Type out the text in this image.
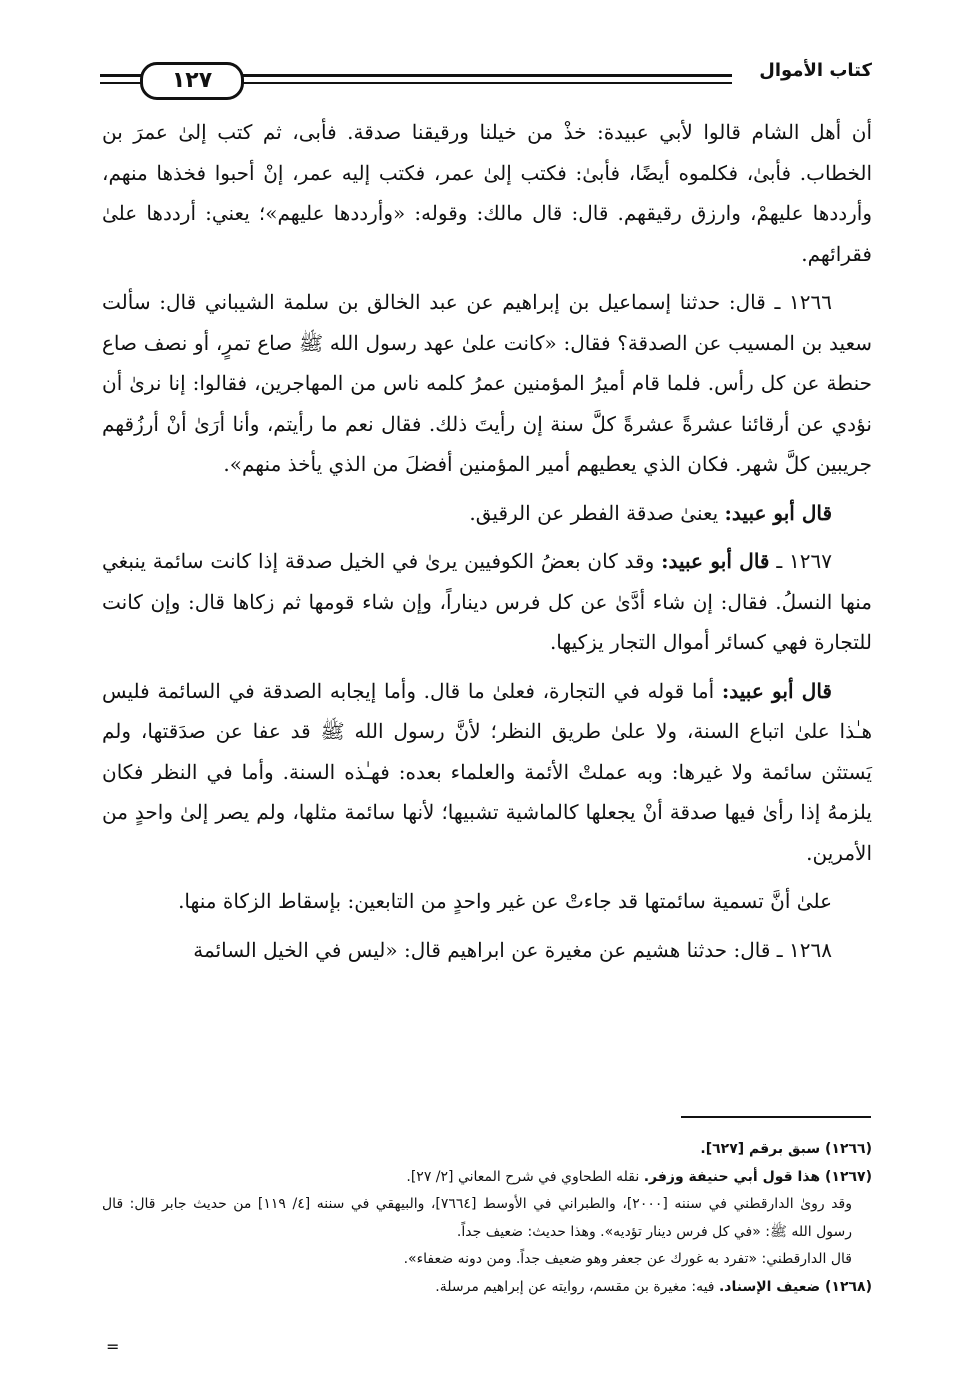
١٢٧	كتاب الأموال

أن أهل الشام قالوا لأبي عبيدة: خذْ من خيلنا ورقيقنا صدقة. فأبى، ثم كتب إلىٰ عمرَ بن الخطاب. فأبىٰ، فكلموه أيضًا، فأبىٰ: فكتب إلىٰ عمر، فكتب إليه عمر، إنْ أحبوا فخذها منهم، وأرددها عليهمْ، وارزق رقيقهم. قال: قال مالك: وقوله: «وأرددها عليهم»؛ يعني: أرددها علىٰ فقرائهم.

١٢٦٦ ـ قال: حدثنا إسماعيل بن إبراهيم عن عبد الخالق بن سلمة الشيباني قال: سألت سعيد بن المسيب عن الصدقة؟ فقال: «كانت علىٰ عهد رسول الله ﷺ صاع تمرٍ، أو نصف صاع حنطة عن كل رأس. فلما قام أميرُ المؤمنين عمرُ كلمه ناس من المهاجرين، فقالوا: إنا نرىٰ أن نؤدي عن أرقائنا عشرةً عشرةً كلَّ سنة إن رأيتَ ذلك. فقال نعم ما رأيتم، وأنا أرَىٰ أنْ أرزُقهم جريبين كلَّ شهر. فكان الذي يعطيهم أمير المؤمنين أفضلَ من الذي يأخذ منهم».

قال أبو عبيد: يعنىٰ صدقة الفطر عن الرقيق.

١٢٦٧ ـ قال أبو عبيد: وقد كان بعضُ الكوفيين يرىٰ في الخيل صدقة إذا كانت سائمة ينبغي منها النسلُ. فقال: إن شاء أدَّىٰ عن كل فرس ديناراً، وإن شاء قومها ثم زكاها قال: وإن كانت للتجارة فهي كسائر أموال التجار يزكيها.

قال أبو عبيد: أما قوله في التجارة، فعلىٰ ما قال. وأما إيجابه الصدقة في السائمة فليس هـٰذا علىٰ اتباع السنة، ولا علىٰ طريق النظر؛ لأنَّ رسول الله ﷺ قد عفا عن صدَقتها، ولم يَستثن سائمة ولا غيرها: وبه عملتْ الأئمة والعلماء بعده: فهـٰذه السنة. وأما في النظر فكان يلزمهُ إذا رأىٰ فيها صدقة أنْ يجعلها كالماشية تشبيها؛ لأنها سائمة مثلها، ولم يصر إلىٰ واحدٍ من الأمرين.

علىٰ أنَّ تسمية سائمتها قد جاءتْ عن غير واحدٍ من التابعين: بإسقاط الزكاة منها.

١٢٦٨ ـ قال: حدثنا هشيم عن مغيرة عن ابراهيم قال: «ليس في الخيل السائمة

(١٢٦٦) سبق برقم [٦٢٧].

(١٢٦٧) هذا قول أبي حنيفة وزفر. نقله الطحاوي في شرح المعاني [٢/ ٢٧].

وقد روىٰ الدارقطني في سننه [٢٠٠٠]، والطبراني في الأوسط [٧٦٦٤]، والبيهقي في سننه [٤/ ١١٩] من حديث جابر قال: قال رسول الله ﷺ: «في كل فرس دينار تؤديه». وهذا حديث: ضعيف جداً.

قال الدارقطني: «تفرد به غورك عن جعفر وهو ضعيف جداً. ومن دونه ضعفاء».

(١٢٦٨) ضعيف الإسناد. فيه: مغيرة بن مقسم، روايته عن إبراهيم مرسلة.

=
